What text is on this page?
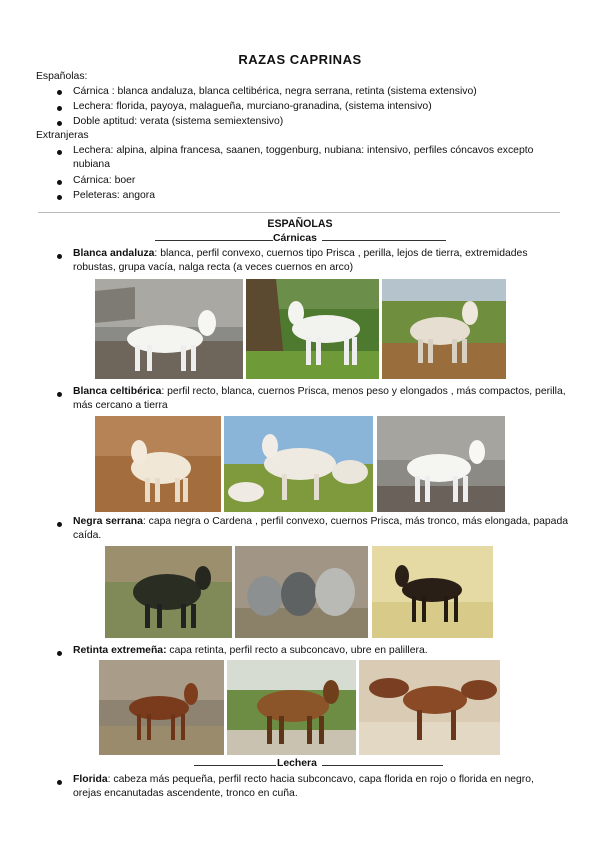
RAZAS CAPRINAS
Españolas:
Cárnica : blanca andaluza, blanca celtibérica, negra serrana, retinta (sistema extensivo)
Lechera: florida, payoya, malagueña, murciano-granadina, (sistema intensivo)
Doble aptitud: verata (sistema semiextensivo)
Extranjeras
Lechera: alpina, alpina francesa, saanen, toggenburg, nubiana: intensivo, perfiles cóncavos excepto nubiana
Cárnica: boer
Peleteras: angora
ESPAÑOLAS
Cárnicas
Blanca andaluza: blanca, perfil convexo, cuernos tipo Prisca , perilla, lejos de tierra, extremidades robustas, grupa vacía, nalga recta (a veces cuernos en arco)
Blanca celtibérica: perfil recto, blanca, cuernos Prisca, menos peso y elongados , más compactos, perilla, más cercano a tierra
Negra serrana: capa negra o Cardena , perfil convexo, cuernos Prisca, más tronco, más elongada, papada caída.
Retinta extremeña: capa retinta, perfil recto a subconcavo, ubre en palillera.
Lechera
Florida: cabeza más pequeña, perfil recto hacia subconcavo, capa florida en rojo o florida en negro, orejas encanutadas ascendente, tronco en cuña.
